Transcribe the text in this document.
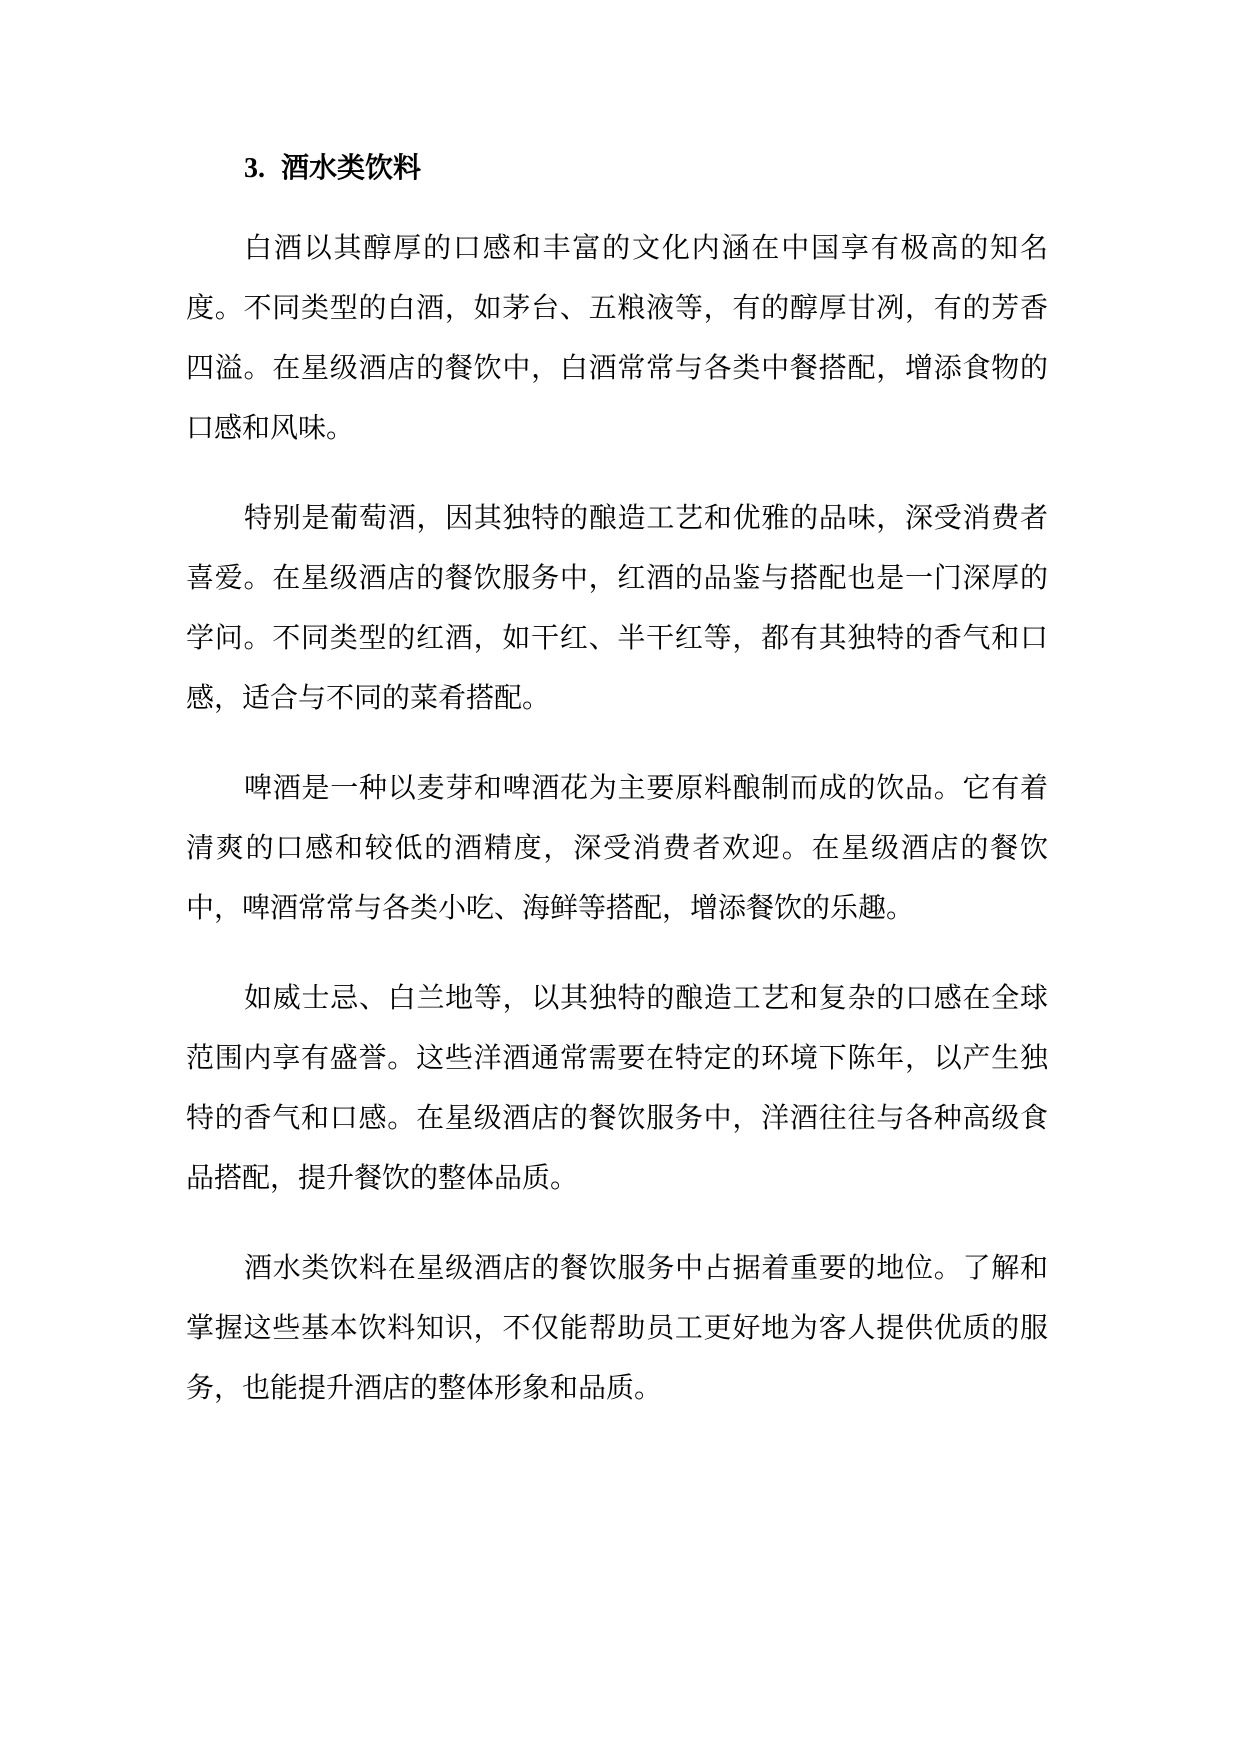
3. 酒水类饮料

白酒以其醇厚的口感和丰富的文化内涵在中国享有极高的知名度。不同类型的白酒，如茅台、五粮液等，有的醇厚甘冽，有的芳香四溢。在星级酒店的餐饮中，白酒常常与各类中餐搭配，增添食物的口感和风味。

特别是葡萄酒，因其独特的酿造工艺和优雅的品味，深受消费者喜爱。在星级酒店的餐饮服务中，红酒的品鉴与搭配也是一门深厚的学问。不同类型的红酒，如干红、半干红等，都有其独特的香气和口感，适合与不同的菜肴搭配。

啤酒是一种以麦芽和啤酒花为主要原料酿制而成的饮品。它有着清爽的口感和较低的酒精度，深受消费者欢迎。在星级酒店的餐饮中，啤酒常常与各类小吃、海鲜等搭配，增添餐饮的乐趣。

如威士忌、白兰地等，以其独特的酿造工艺和复杂的口感在全球范围内享有盛誉。这些洋酒通常需要在特定的环境下陈年，以产生独特的香气和口感。在星级酒店的餐饮服务中，洋酒往往与各种高级食品搭配，提升餐饮的整体品质。

酒水类饮料在星级酒店的餐饮服务中占据着重要的地位。了解和掌握这些基本饮料知识，不仅能帮助员工更好地为客人提供优质的服务，也能提升酒店的整体形象和品质。
